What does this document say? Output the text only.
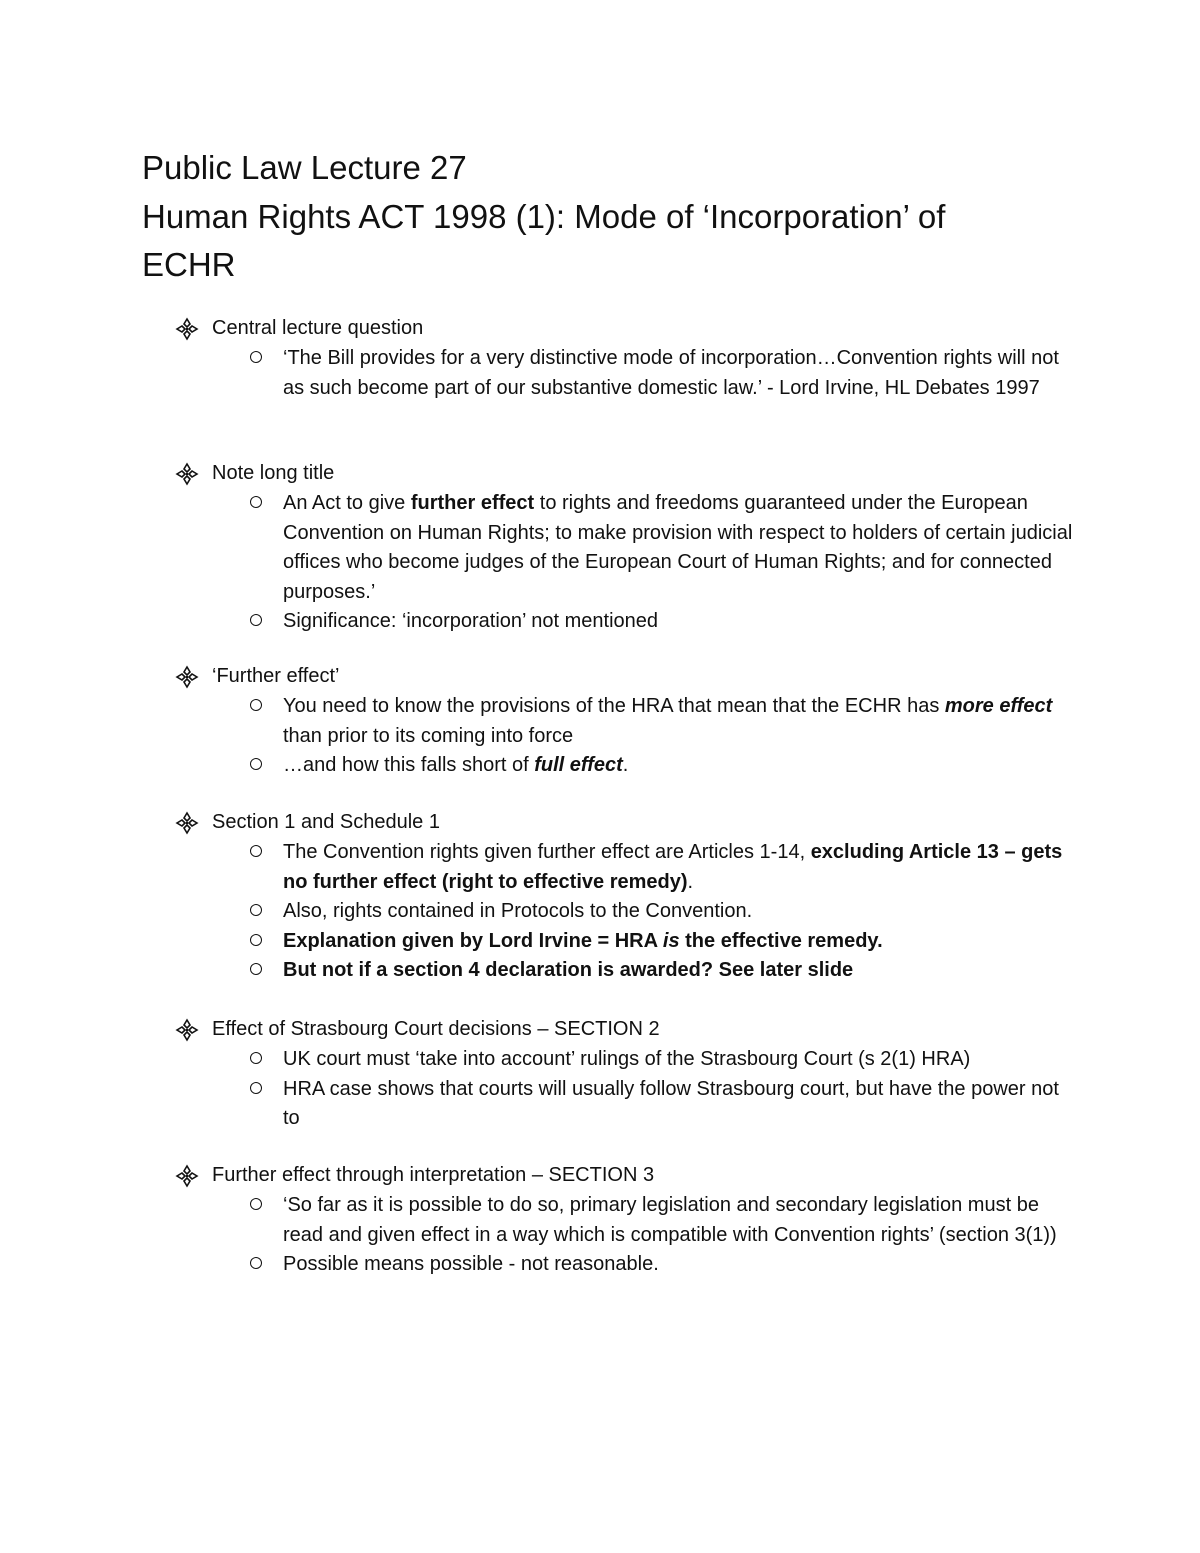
Public Law Lecture 27
Human Rights ACT 1998 (1): Mode of ‘Incorporation’ of
ECHR
Central lecture question
‘The Bill provides for a very distinctive mode of incorporation…Convention rights will not as such become part of our substantive domestic law.’ - Lord Irvine, HL Debates 1997
Note long title
An Act to give further effect to rights and freedoms guaranteed under the European Convention on Human Rights; to make provision with respect to holders of certain judicial offices who become judges of the European Court of Human Rights; and for connected purposes.’
Significance: ‘incorporation’ not mentioned
‘Further effect’
You need to know the provisions of the HRA that mean that the ECHR has more effect than prior to its coming into force
…and how this falls short of full effect.
Section 1 and Schedule 1
The Convention rights given further effect are Articles 1-14, excluding Article 13 – gets no further effect (right to effective remedy).
Also, rights contained in Protocols to the Convention.
Explanation given by Lord Irvine = HRA is the effective remedy.
But not if a section 4 declaration is awarded? See later slide
Effect of Strasbourg Court decisions – SECTION 2
UK court must ‘take into account’ rulings of the Strasbourg Court (s 2(1) HRA)
HRA case shows that courts will usually follow Strasbourg court, but have the power not to
Further effect through interpretation – SECTION 3
‘So far as it is possible to do so, primary legislation and secondary legislation must be read and given effect in a way which is compatible with Convention rights’ (section 3(1))
Possible means possible - not reasonable.
